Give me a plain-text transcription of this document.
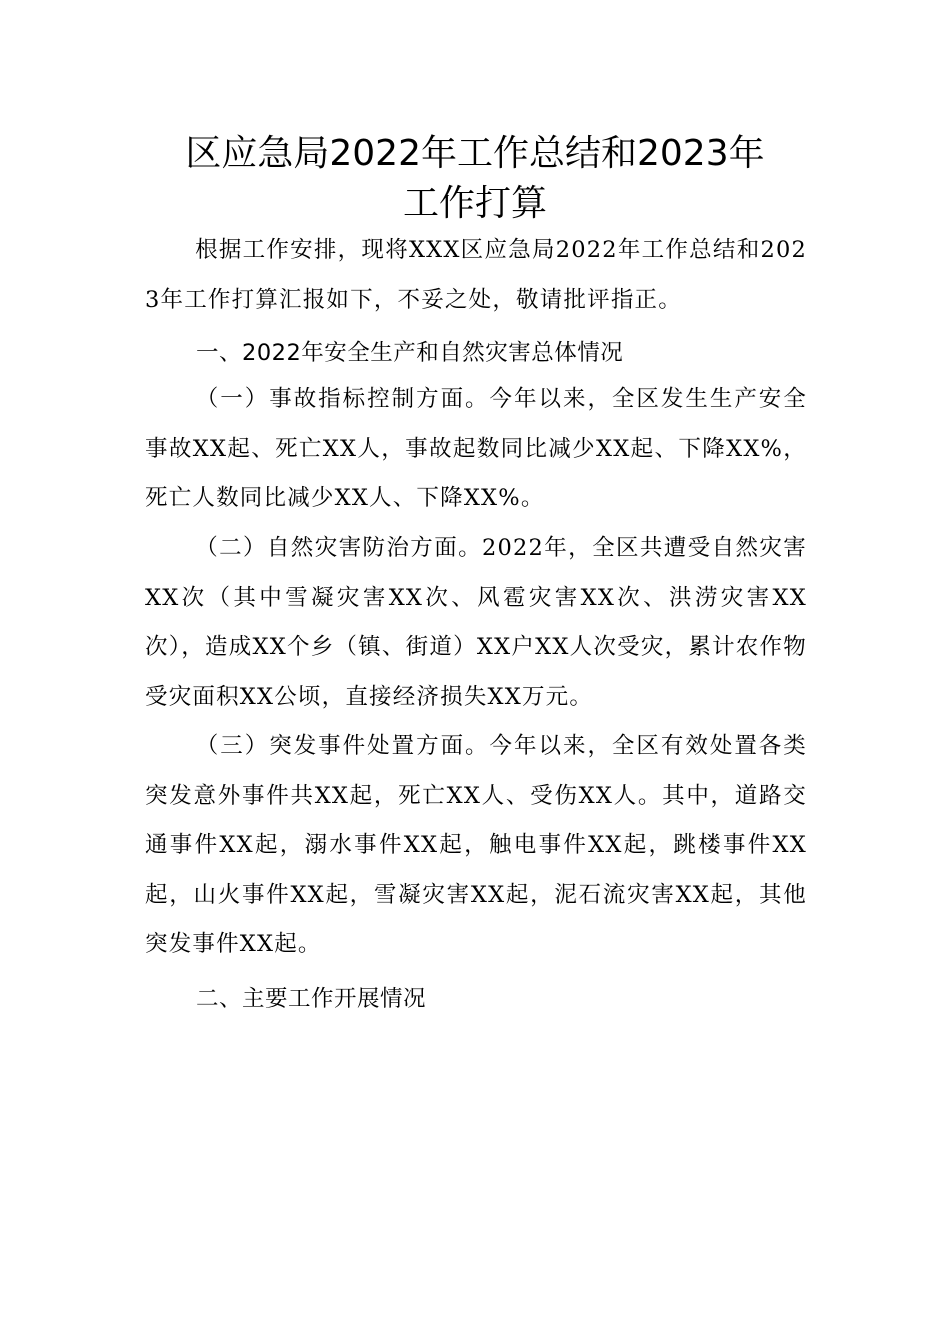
区应急局2022年工作总结和2023年
工作打算

根据工作安排，现将XXX区应急局2022年工作总结和2023年工作打算汇报如下，不妥之处，敬请批评指正。

一、2022年安全生产和自然灾害总体情况

（一）事故指标控制方面。今年以来，全区发生生产安全事故XX起、死亡XX人，事故起数同比减少XX起、下降XX%，死亡人数同比减少XX人、下降XX%。

（二）自然灾害防治方面。2022年，全区共遭受自然灾害XX次（其中雪凝灾害XX次、风雹灾害XX次、洪涝灾害XX次），造成XX个乡（镇、街道）XX户XX人次受灾，累计农作物受灾面积XX公顷，直接经济损失XX万元。

（三）突发事件处置方面。今年以来，全区有效处置各类突发意外事件共XX起，死亡XX人、受伤XX人。其中，道路交通事件XX起，溺水事件XX起，触电事件XX起，跳楼事件XX起，山火事件XX起，雪凝灾害XX起，泥石流灾害XX起，其他突发事件XX起。

二、主要工作开展情况
